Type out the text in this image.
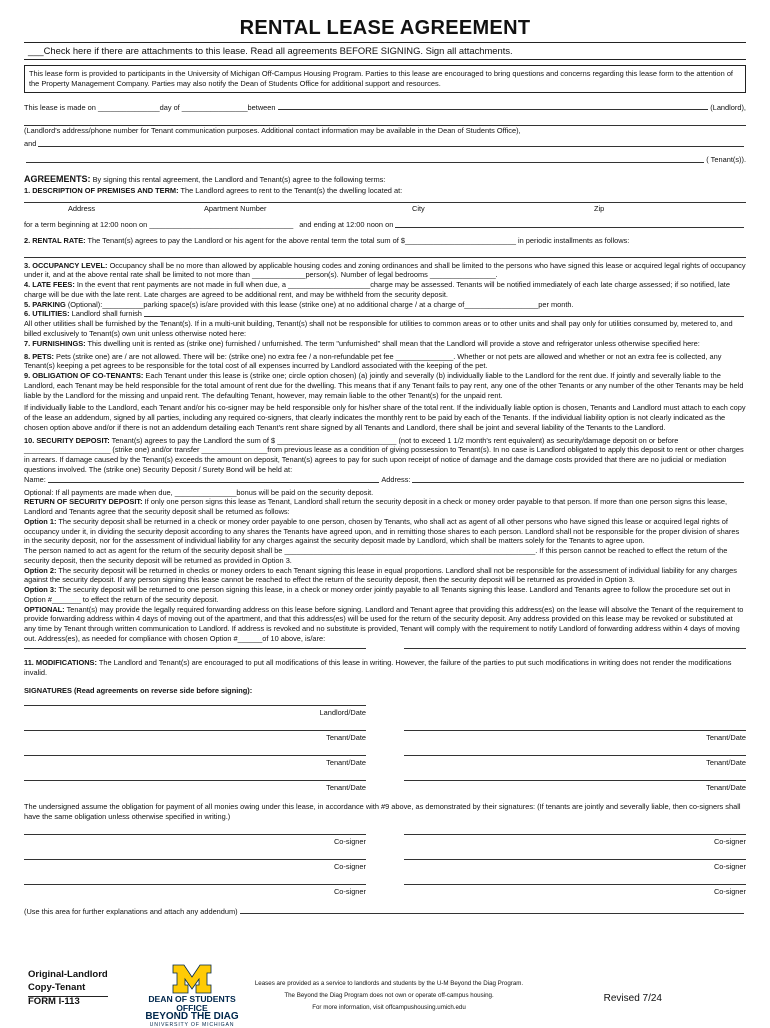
RENTAL LEASE AGREEMENT
___Check here if there are attachments to this lease. Read all agreements BEFORE SIGNING. Sign all attachments.
This lease form is provided to participants in the University of Michigan Off-Campus Housing Program. Parties to this lease are encouraged to bring questions and concerns regarding this lease form to the attention of the Property Management Company. Parties may also notify the Dean of Students Office for additional support and resources.
This lease is made on _______________day of ________________between	(Landlord),

(Landlord's address/phone number for Tenant communication purposes. Additional contact information may be available in the Dean of Students Office),

and
( Tenant(s)).

AGREEMENTS: By signing this rental agreement, the Landlord and Tenant(s) agree to the following terms:

1. DESCRIPTION OF PREMISES AND TERM: The Landlord agrees to rent to the Tenant(s) the dwelling located at:

Address	Apartment Number	City	Zip
for a term beginning at 12:00 noon on ___________________________________ and ending at 12:00 noon on

2. RENTAL RATE: The Tenant(s) agrees to pay the Landlord or his agent for the above rental term the total sum of $___________________________ in periodic installments as follows:

3. OCCUPANCY LEVEL: Occupancy shall be no more than allowed by applicable housing codes and zoning ordinances and shall be limited to the persons who have signed this lease or acquired legal rights of occupancy under it, and at the above rental rate shall be limited to not more than _____________person(s). Number of legal bedrooms ________________.

4. LATE FEES: In the event that rent payments are not made in full when due, a ____________________charge may be assessed. Tenants will be notified immediately of each late charge assessed; if so notified, late charge will be due with the late rent. Late charges are agreed to be additional rent, and may be withheld from the security deposit.

5. PARKING (Optional):__________parking space(s) is/are provided with this lease (strike one) at no additional charge / at a charge of__________________per month.

6. UTILITIES: Landlord shall furnish

All other utilities shall be furnished by the Tenant(s). If in a multi-unit building, Tenant(s) shall not be responsible for utilities to common areas or to other units and shall pay only for utilities consumed by, metered to, and billed exclusively to Tenant(s) own unit unless otherwise noted here:

7. FURNISHINGS: This dwelling unit is rented as (strike one) furnished / unfurnished. The term "unfurnished" shall mean that the Landlord will provide a stove and refrigerator unless otherwise specified here:

8. PETS: Pets (strike one) are / are not allowed. There will be: (strike one) no extra fee / a non-refundable pet fee ______________. Whether or not pets are allowed and whether or not an extra fee is collected, any Tenant(s) keeping a pet agrees to be responsible for the total cost of all expenses incurred by Landlord associated with the keeping of the pet.

9. OBLIGATION OF CO-TENANTS: Each Tenant under this lease is (strike one; circle option chosen) (a) jointly and severally (b) individually liable to the Landlord for the rent due. If jointly and severally liable to the Landlord, each Tenant may be held responsible for the total amount of rent due for the dwelling. This means that if any Tenant fails to pay rent, any one of the other Tenants or any number of the other Tenants may be held liable by the Landlord for the missing and unpaid rent. The defaulting Tenant, however, may remain liable to the other Tenant(s) for the unpaid rent.

If individually liable to the Landlord, each Tenant and/or his co-signer may be held responsible only for his/her share of the total rent. If the individually liable option is chosen, Tenants and Landlord must attach to each copy of the lease an addendum, signed by all parties, including any required co-signers, that clearly indicates the monthly rent to be paid by each of the Tenants. If the individual liability option is not clearly indicated as the chosen option above and/or if there is not an addendum detailing each Tenant's rent share signed by all Tenants and Landlord, there shall be joint and several liability of the Tenants to the Landlord.

10. SECURITY DEPOSIT: Tenant(s) agrees to pay the Landlord the sum of $ _____________________________ (not to exceed 1 1/2 month's rent equivalent) as security/damage deposit on or before _____________________ (strike one) and/or transfer ________________from previous lease as a condition of giving possession to Tenant(s). In no case is Landlord obligated to apply this deposit to rent or other charges in arrears. If damage caused by the Tenant(s) exceeds the amount on deposit, Tenant(s) agrees to pay for such upon receipt of notice of damage and the damage costs provided that there are no judicial or mediation questions involved. The (strike one) Security Deposit / Surety Bond will be held at:

Name:	Address:

Optional: If all payments are made when due, _______________bonus will be paid on the security deposit.

RETURN OF SECURITY DEPOSIT: If only one person signs this lease as Tenant, Landlord shall return the security deposit in a check or money order payable to that person. If more than one person signs this lease, Landlord and Tenants agree that the security deposit shall be returned as follows:

Option 1: The security deposit shall be returned in a check or money order payable to one person, chosen by Tenants, who shall act as agent of all other persons who have signed this lease or acquired legal rights of occupancy under it, in dividing the security deposit according to any shares the Tenants have agreed upon, and in remitting those shares to each person. Landlord shall not be responsible for the proper division of shares in the security deposit, nor for the assessment of individual liability for any charges against the security deposit made by Landlord, which shall be matters solely for the Tenants to agree upon.

The person named to act as agent for the return of the security deposit shall be _____________________________________________________________. If this person cannot be reached to effect the return of the security deposit, then the security deposit will be returned as provided in Option 3.

Option 2: The security deposit will be returned in checks or money orders to each Tenant signing this lease in equal proportions. Landlord shall not be responsible for the assessment of individual liability for any charges against the security deposit. If any person signing this lease cannot be reached to effect the return of the security deposit, then the security deposit will be returned as provided in Option 3.

Option 3: The security deposit will be returned to one person signing this lease, in a check or money order jointly payable to all Tenants signing this lease. Landlord and Tenants agree to follow the procedure set out in Option #_______ to effect the return of the security deposit.

OPTIONAL: Tenant(s) may provide the legally required forwarding address on this lease before signing. Landlord and Tenant agree that providing this address(es) on the lease will absolve the Tenant of the requirement to provide forwarding address within 4 days of moving out of the apartment, and that this address(es) will be used for the return of the security deposit. Any address provided on this lease may be revoked or substituted at any time by Tenant through written communication to Landlord. If address is revoked and no substitute is provided, Tenant will comply with the requirement to notify Landlord of forwarding address within 4 days of moving out. Address(es), as needed for compliance with chosen Option #______of 10 above, is/are:

11. MODIFICATIONS: The Landlord and Tenant(s) are encouraged to put all modifications of this lease in writing. However, the failure of the parties to put such modifications in writing does not render the modifications invalid.

SIGNATURES (Read agreements on reverse side before signing):

Landlord/Date
Tenant/Date	Tenant/Date
Tenant/Date	Tenant/Date
Tenant/Date	Tenant/Date

The undersigned assume the obligation for payment of all monies owing under this lease, in accordance with #9 above, as demonstrated by their signatures: (If tenants are jointly and severally liable, then co-signers shall have the same obligation unless otherwise specified in writing.)

Co-signer	Co-signer
Co-signer	Co-signer
Co-signer	Co-signer
(Use this area for further explanations and attach any addendum)
Original-Landlord
Copy-Tenant
FORM I-113	DEAN OF STUDENTS OFFICE
BEYOND THE DIAG
UNIVERSITY OF MICHIGAN
Leases are provided as a service to landlords and students by the U-M Beyond the Diag Program.
The Beyond the Diag Program does not own or operate off-campus housing.
For more information, visit offcampushousing.umich.edu
Revised 7/24
